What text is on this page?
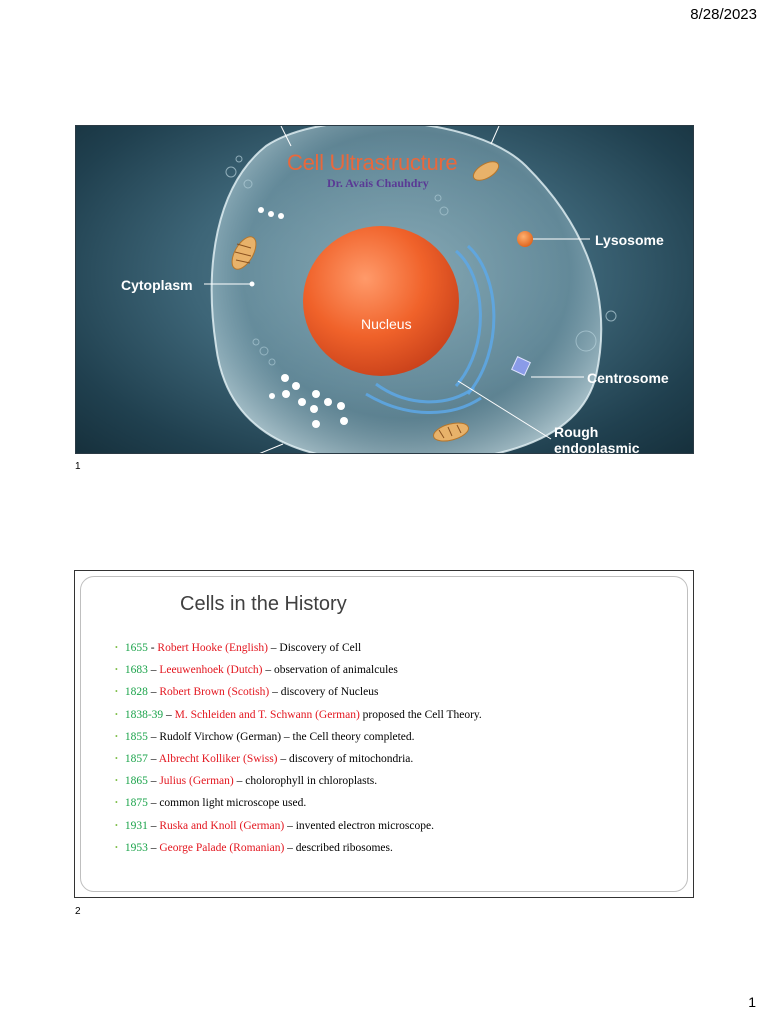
8/28/2023
Nucleus
Cytoplasm
Lysosome
Centrosome
Rough
endoplasmic
Cell Ultrastructure
Dr. Avais Chauhdry
1
Cells in the History
• 1655 - Robert Hooke (English) – Discovery of Cell
• 1683 – Leeuwenhoek (Dutch) – observation of animalcules
• 1828 – Robert Brown (Scotish) – discovery of Nucleus
• 1838-39 – M. Schleiden and T. Schwann (German) proposed the Cell Theory.
• 1855 – Rudolf Virchow (German) – the Cell theory completed.
• 1857 – Albrecht Kolliker (Swiss) – discovery of mitochondria.
• 1865 – Julius (German) – cholorophyll in chloroplasts.
• 1875 – common light microscope used.
• 1931 – Ruska and Knoll (German) – invented electron microscope.
• 1953 – George Palade (Romanian) – described ribosomes.
2
1
